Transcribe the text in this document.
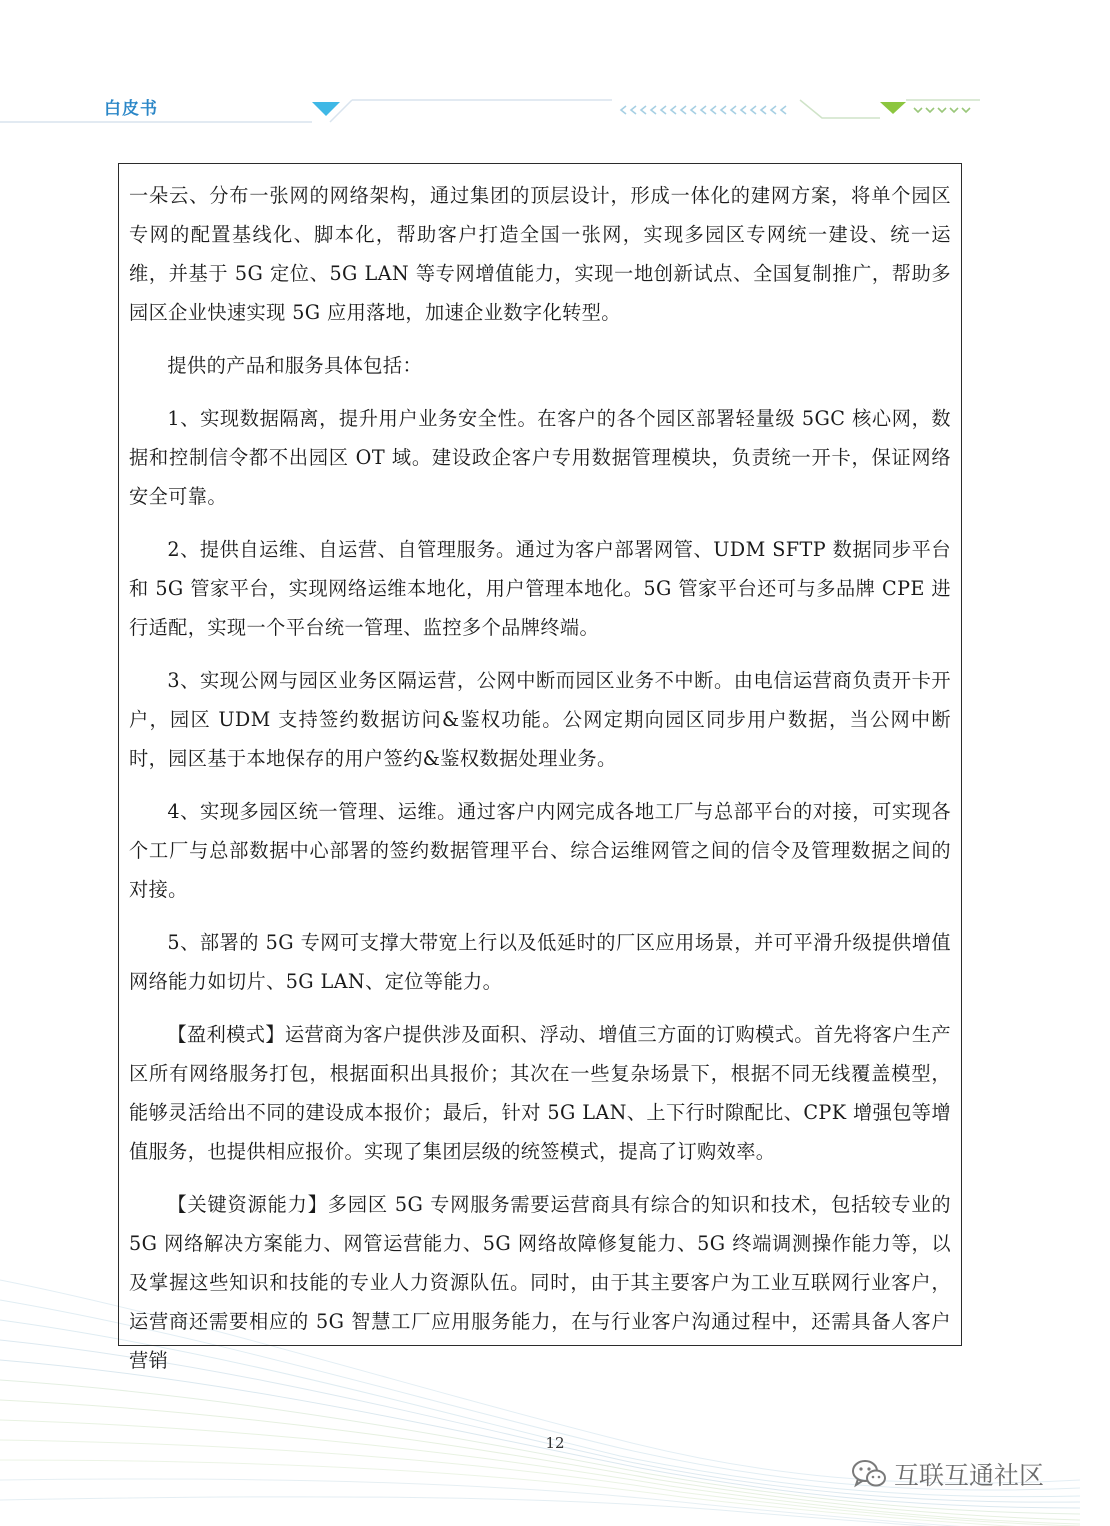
白皮书

一朵云、分布一张网的网络架构，通过集团的顶层设计，形成一体化的建网方案，将单个园区专网的配置基线化、脚本化，帮助客户打造全国一张网，实现多园区专网统一建设、统一运维，并基于 5G 定位、5G LAN 等专网增值能力，实现一地创新试点、全国复制推广，帮助多园区企业快速实现 5G 应用落地，加速企业数字化转型。

提供的产品和服务具体包括：

1、实现数据隔离，提升用户业务安全性。在客户的各个园区部署轻量级 5GC 核心网，数据和控制信令都不出园区 OT 域。建设政企客户专用数据管理模块，负责统一开卡，保证网络安全可靠。

2、提供自运维、自运营、自管理服务。通过为客户部署网管、UDM SFTP 数据同步平台和 5G 管家平台，实现网络运维本地化，用户管理本地化。5G 管家平台还可与多品牌 CPE 进行适配，实现一个平台统一管理、监控多个品牌终端。

3、实现公网与园区业务区隔运营，公网中断而园区业务不中断。由电信运营商负责开卡开户，园区 UDM 支持签约数据访问&鉴权功能。公网定期向园区同步用户数据，当公网中断时，园区基于本地保存的用户签约&鉴权数据处理业务。

4、实现多园区统一管理、运维。通过客户内网完成各地工厂与总部平台的对接，可实现各个工厂与总部数据中心部署的签约数据管理平台、综合运维网管之间的信令及管理数据之间的对接。

5、部署的 5G 专网可支撑大带宽上行以及低延时的厂区应用场景，并可平滑升级提供增值网络能力如切片、5G LAN、定位等能力。

【盈利模式】运营商为客户提供涉及面积、浮动、增值三方面的订购模式。首先将客户生产区所有网络服务打包，根据面积出具报价；其次在一些复杂场景下，根据不同无线覆盖模型，能够灵活给出不同的建设成本报价；最后，针对 5G LAN、上下行时隙配比、CPK 增强包等增值服务，也提供相应报价。实现了集团层级的统签模式，提高了订购效率。

【关键资源能力】多园区 5G 专网服务需要运营商具有综合的知识和技术，包括较专业的 5G 网络解决方案能力、网管运营能力、5G 网络故障修复能力、5G 终端调测操作能力等，以及掌握这些知识和技能的专业人力资源队伍。同时，由于其主要客户为工业互联网行业客户，运营商还需要相应的 5G 智慧工厂应用服务能力，在与行业客户沟通过程中，还需具备人客户营销

12
互联互通社区
